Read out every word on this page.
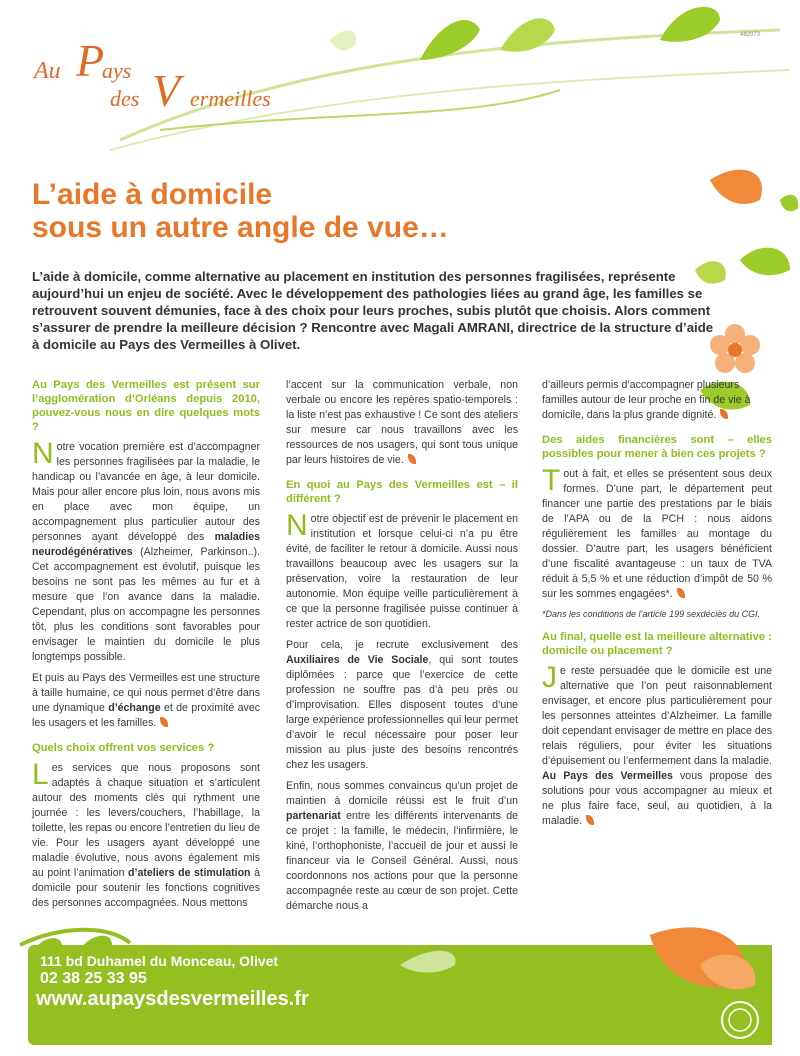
482073
Au P
ays
des V ermeilles
L’aide à domicile
sous un autre angle de vue…
L’aide à domicile, comme alternative au placement en institution des personnes fragilisées, représente aujourd’hui un enjeu de société. Avec le développement des pathologies liées au grand âge, les familles se retrouvent souvent démunies, face à des choix pour leurs proches, subis plutôt que choisis. Alors comment s’assurer de prendre la meilleure décision ? Rencontre avec Magali AMRANI, directrice de la structure d’aide à domicile au Pays des Vermeilles à Olivet.
Au Pays des Vermeilles est présent sur l’agglomération d’Orléans depuis 2010, pouvez-vous nous en dire quelques mots ?

Notre vocation première est d’accompagner les personnes fragilisées par la maladie, le handicap ou l’avancée en âge, à leur domicile. Mais pour aller encore plus loin, nous avons mis en place avec mon équipe, un accompagnement plus particulier autour des personnes ayant développé des maladies neurodégénératives (Alzheimer, Parkinson..). Cet accompagnement est évolutif, puisque les besoins ne sont pas les mêmes au fur et à mesure que l’on avance dans la maladie. Cependant, plus on accompagne les personnes tôt, plus les conditions sont favorables pour envisager le maintien du domicile le plus longtemps possible.

Et puis au Pays des Vermeilles est une structure à taille humaine, ce qui nous permet d’être dans une dynamique d’échange et de proximité avec les usagers et les familles.

Quels choix offrent vos services ?

Les services que nous proposons sont adaptés à chaque situation et s’articulent autour des moments clés qui rythment une journée : les levers/couchers, l’habillage, la toilette, les repas ou encore l’entretien du lieu de vie. Pour les usagers ayant développé une maladie évolutive, nous avons également mis au point l’animation d’ateliers de stimulation à domicile pour soutenir les fonctions cognitives des personnes accompagnées. Nous mettons

l’accent sur la communication verbale, non verbale ou encore les repères spatio-temporels : la liste n’est pas exhaustive ! Ce sont des ateliers sur mesure car nous travaillons avec les ressources de nos usagers, qui sont tous unique par leurs histoires de vie.

En quoi au Pays des Vermeilles est – il différent ?

Notre objectif est de prévenir le placement en institution et lorsque celui-ci n’a pu être évité, de faciliter le retour à domicile. Aussi nous travaillons beaucoup avec les usagers sur la préservation, voire la restauration de leur autonomie. Mon équipe veille particulièrement à ce que la personne fragilisée puisse continuer à rester actrice de son quotidien.

Pour cela, je recrute exclusivement des Auxiliaires de Vie Sociale, qui sont toutes diplômées : parce que l’exercice de cette profession ne souffre pas d’à peu près ou d’improvisation. Elles disposent toutes d’une large expérience professionnelles qui leur permet d’avoir le recul nécessaire pour poser leur mission au plus juste des besoins rencontrés chez les usagers.

Enfin, nous sommes convaincus qu’un projet de maintien à domicile réussi est le fruit d’un partenariat entre les différents intervenants de ce projet : la famille, le médecin, l’infirmière, le kiné, l’orthophoniste, l’accueil de jour et aussi le financeur via le Conseil Général. Aussi, nous coordonnons nos actions pour que la personne accompagnée reste au cœur de son projet. Cette démarche nous a

d’ailleurs permis d’accompagner plusieurs familles autour de leur proche en fin de vie à domicile, dans la plus grande dignité.

Des aides financières sont – elles possibles pour mener à bien ces projets ?

Tout à fait, et elles se présentent sous deux formes. D’une part, le département peut financer une partie des prestations par le biais de l’APA ou de la PCH : nous aidons régulièrement les familles au montage du dossier. D’autre part, les usagers bénéficient d’une fiscalité avantageuse : un taux de TVA réduit à 5,5 % et une réduction d’impôt de 50 % sur les sommes engagées*.

*Dans les conditions de l’article 199 sexdéciès du CGI.

Au final, quelle est la meilleure alternative : domicile ou placement ?

Je reste persuadée que le domicile est une alternative que l’on peut raisonnablement envisager, et encore plus particulièrement pour les personnes atteintes d’Alzheimer. La famille doit cependant envisager de mettre en place des relais réguliers, pour éviter les situations d’épuisement ou l’enfermement dans la maladie. Au Pays des Vermeilles vous propose des solutions pour vous accompagner au mieux et ne plus faire face, seul, au quotidien, à la maladie.

111 bd Duhamel du Monceau, Olivet
02 38 25 33 95
www.aupaysdesvermeilles.fr
